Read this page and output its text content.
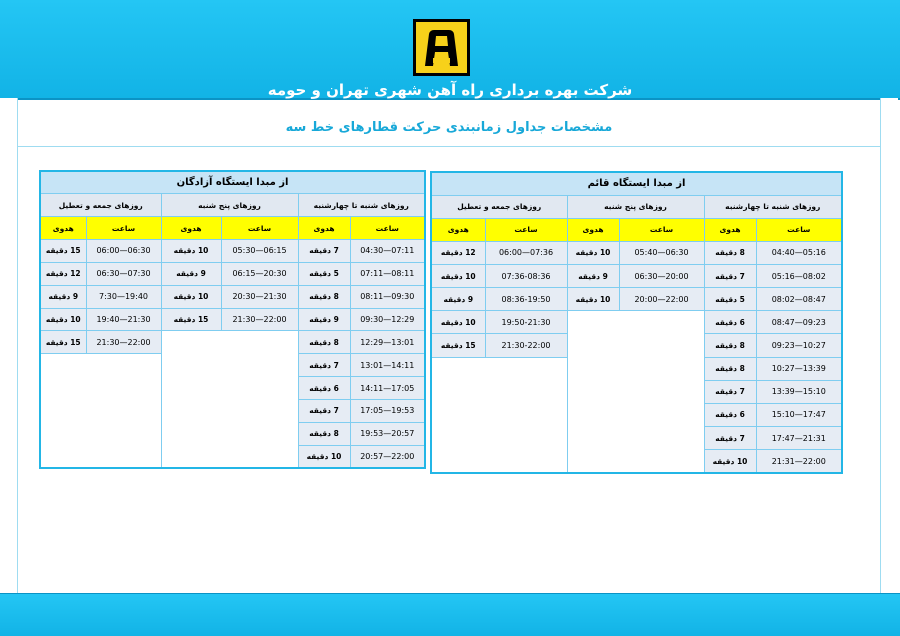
شرکت بهره برداری راه آهن شهری تهران و حومه
مشخصات جداول زمانبندی حرکت قطارهای خط سه
از مبدا ایستگاه آزادگان					
روزهای جمعه و تعطیل		روزهای پنج شنبه		روزهای شنبه تا چهارشنبه	
هدوی	ساعت	هدوی	ساعت	هدوی	ساعت
15 دقیقه	06:00—06:30	10 دقیقه	05:30—06:15	7 دقیقه	04:30—07:11
12 دقیقه	06:30—07:30	9 دقیقه	06:15—20:30	5 دقیقه	07:11—08:11
9 دقیقه	7:30—19:40	10 دقیقه	20:30—21:30	8 دقیقه	08:11—09:30
10 دقیقه	19:40—21:30	15 دقیقه	21:30—22:00	9 دقیقه	09:30—12:29
15 دقیقه	21:30—22:00			8 دقیقه	12:29—13:01
				7 دقیقه	13:01—14:11
				6 دقیقه	14:11—17:05
				7 دقیقه	17:05—19:53
				8 دقیقه	19:53—20:57
				10 دقیقه	20:57—22:00
از مبدا ایستگاه قائم					
روزهای جمعه و تعطیل		روزهای پنج شنبه		روزهای شنبه تا چهارشنبه	
هدوی	ساعت	هدوی	ساعت	هدوی	ساعت
12 دقیقه	06:00—07:36	10 دقیقه	05:40—06:30	8 دقیقه	04:40—05:16
10 دقیقه	07:36-08:36	9 دقیقه	06:30—20:00	7 دقیقه	05:16—08:02
9 دقیقه	08:36-19:50	10 دقیقه	20:00—22:00	5 دقیقه	08:02—08:47
10 دقیقه	19:50-21:30			6 دقیقه	08:47—09:23
15 دقیقه	21:30-22:00			8 دقیقه	09:23—10:27
				8 دقیقه	10:27—13:39
				7 دقیقه	13:39—15:10
				6 دقیقه	15:10—17:47
				7 دقیقه	17:47—21:31
				10 دقیقه	21:31—22:00
